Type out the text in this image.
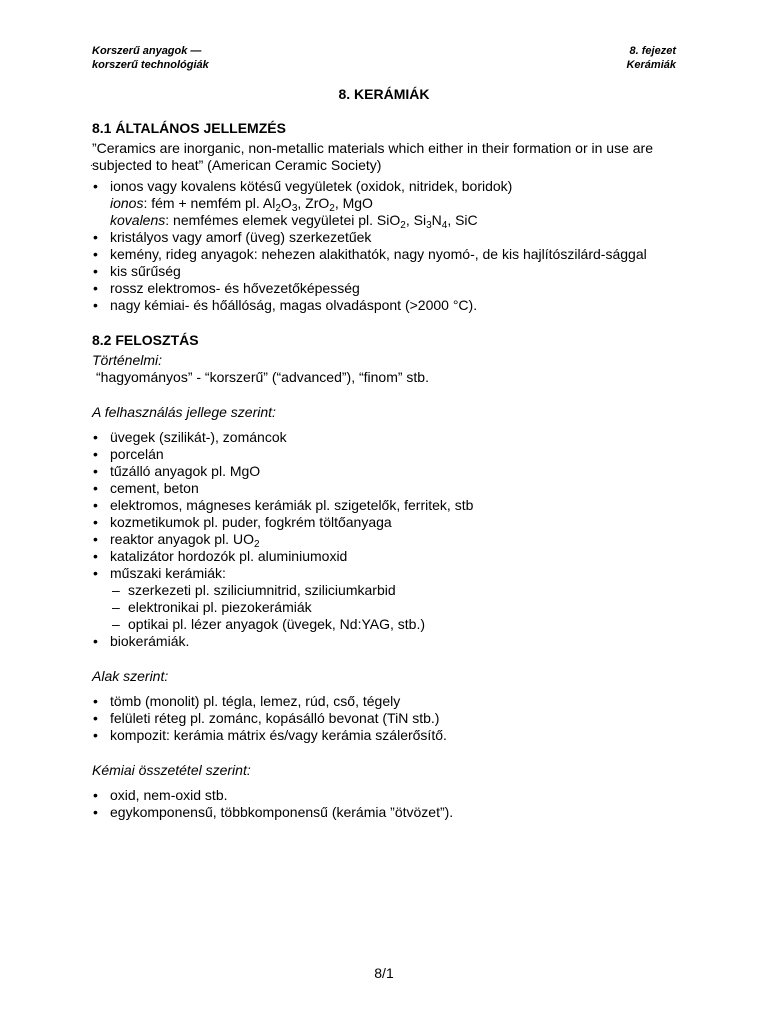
Korszerű anyagok —
korszerű technológiák
8. fejezet
Kerámiák
8. KERÁMIÁK
.
8.1 ÁLTALÁNOS JELLEMZÉS

”Ceramics are inorganic, non-metallic materials which either in their formation or in use are subjected to heat” (American Ceramic Society)

• ionos vagy kovalens kötésű vegyületek (oxidok, nitridek, boridok)
ionos: fém + nemfém pl. $Al_2O_3$, ZrO$_2$, MgO
kovalens: nemfémes elemek vegyületei pl. SiO$_2$, $Si_3N_4$, SiC
• kristályos vagy amorf (üveg) szerkezetűek
• kemény, rideg anyagok: nehezen alakithatók, nagy nyomó-, de kis hajlítószilárd-sággal
• kis sűrűség
• rossz elektromos- és hővezetőképesség
• nagy kémiai- és hőállóság, magas olvadáspont (>2000 °C).
8.2 FELOSZTÁS
Történelmi:
“hagyományos” - “korszerű” (“advanced”), “finom” stb.
A felhasználás jellege szerint:
• üvegek (szilikát-), zománcok
• porcelán
• tűzálló anyagok pl. MgO
• cement, beton
• elektromos, mágneses kerámiák pl. szigetelők, ferritek, stb
• kozmetikumok pl. puder, fogkrém töltőanyaga
• reaktor anyagok pl. $UO_2$
• katalizátor hordozók pl. aluminiumoxid
• műszaki kerámiák:
– szerkezeti pl. sziliciumnitrid, sziliciumkarbid
– elektronikai pl. piezokerámiák
– optikai pl. lézer anyagok (üvegek, Nd:YAG, stb.)
• biokerámiák.
Alak szerint:
• tömb (monolit) pl. tégla, lemez, rúd, cső, tégely
• felületi réteg pl. zománc, kopásálló bevonat (TiN stb.)
• kompozit: kerámia mátrix és/vagy kerámia szálerősítő.
Kémiai összetétel szerint:
• oxid, nem-oxid stb.
• egykomponensű, többkomponensű (kerámia ”ötvözet”).
8/1
